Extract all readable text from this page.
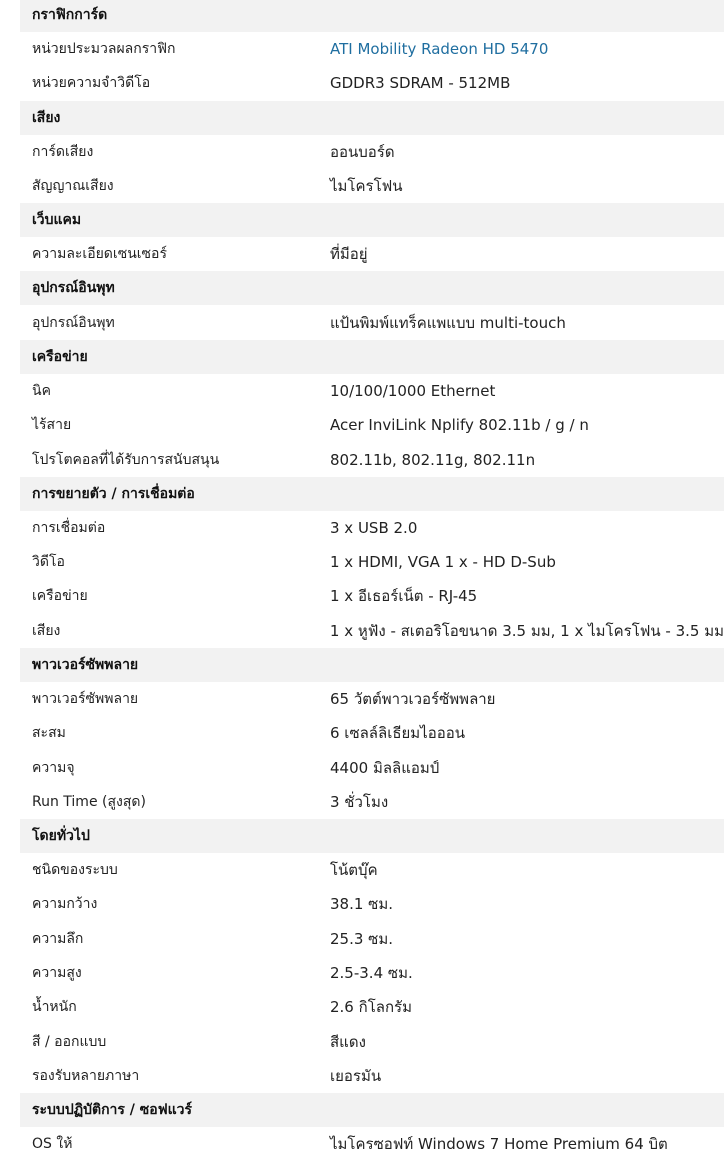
กราฟิกการ์ด
หน่วยประมวลผลกราฟิก	ATI Mobility Radeon HD 5470
หน่วยความจำวิดีโอ	GDDR3 SDRAM - 512MB
เสียง
การ์ดเสียง	ออนบอร์ด
สัญญาณเสียง	ไมโครโฟน
เว็บแคม
ความละเอียดเซนเซอร์	ที่มีอยู่
อุปกรณ์อินพุท
อุปกรณ์อินพุท	แป้นพิมพ์แทร็คแพแบบ multi-touch
เครือข่าย
นิค	10/100/1000 Ethernet
ไร้สาย	Acer InviLink Nplify 802.11b / g / n
โปรโตคอลที่ได้รับการสนับสนุน	802.11b, 802.11g, 802.11n
การขยายตัว / การเชื่อมต่อ
การเชื่อมต่อ	3 x USB 2.0
วิดีโอ	1 x HDMI, VGA 1 x - HD D-Sub
เครือข่าย	1 x อีเธอร์เน็ต - RJ-45
เสียง	1 x หูฟัง - สเตอริโอขนาด 3.5 มม, 1 x ไมโครโฟน - 3.5 มม
พาวเวอร์ซัพพลาย
พาวเวอร์ซัพพลาย	65 วัตต์พาวเวอร์ซัพพลาย
สะสม	6 เซลล์ลิเธียมไอออน
ความจุ	4400 มิลลิแอมป์
Run Time (สูงสุด)	3 ชั่วโมง
โดยทั่วไป
ชนิดของระบบ	โน้ตบุ๊ค
ความกว้าง	38.1 ซม.
ความลึก	25.3 ซม.
ความสูง	2.5-3.4 ซม.
น้ำหนัก	2.6 กิโลกรัม
สี / ออกแบบ	สีแดง
รองรับหลายภาษา	เยอรมัน
ระบบปฏิบัติการ / ซอฟแวร์
OS ให้	ไมโครซอฟท์ Windows 7 Home Premium 64 บิต
